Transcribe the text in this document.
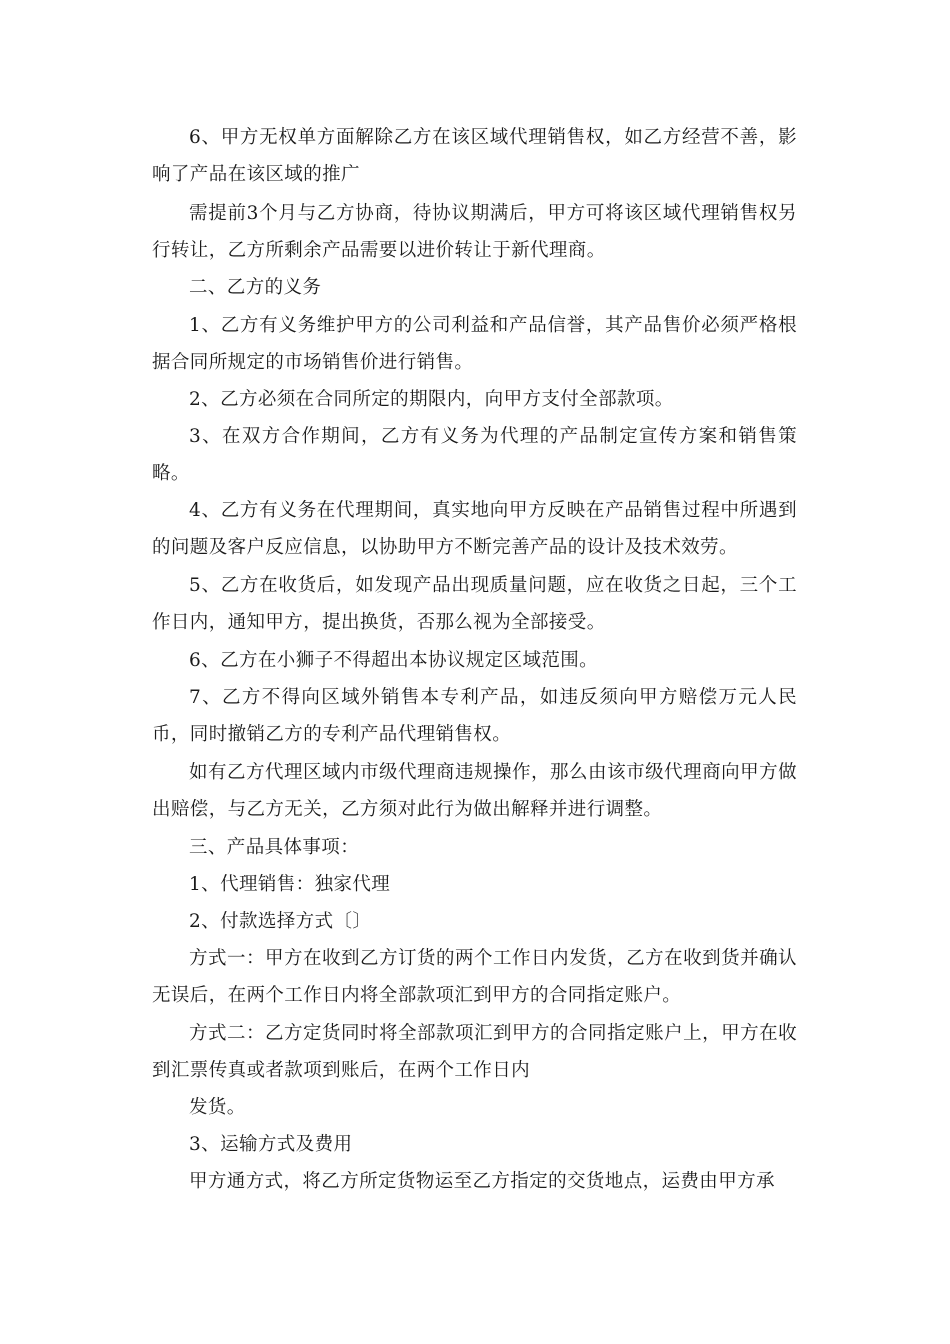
6、甲方无权单方面解除乙方在该区域代理销售权，如乙方经营不善，影响了产品在该区域的推广

需提前3个月与乙方协商，待协议期满后，甲方可将该区域代理销售权另行转让，乙方所剩余产品需要以进价转让于新代理商。

二、乙方的义务

1、乙方有义务维护甲方的公司利益和产品信誉，其产品售价必须严格根据合同所规定的市场销售价进行销售。

2、乙方必须在合同所定的期限内，向甲方支付全部款项。

3、在双方合作期间，乙方有义务为代理的产品制定宣传方案和销售策略。

4、乙方有义务在代理期间，真实地向甲方反映在产品销售过程中所遇到的问题及客户反应信息，以协助甲方不断完善产品的设计及技术效劳。

5、乙方在收货后，如发现产品出现质量问题，应在收货之日起，三个工作日内，通知甲方，提出换货，否那么视为全部接受。

6、乙方在小狮子不得超出本协议规定区域范围。

7、乙方不得向区域外销售本专利产品，如违反须向甲方赔偿万元人民币，同时撤销乙方的专利产品代理销售权。

如有乙方代理区域内市级代理商违规操作，那么由该市级代理商向甲方做出赔偿，与乙方无关，乙方须对此行为做出解释并进行调整。

三、产品具体事项：

1、代理销售：独家代理

2、付款选择方式〔〕

方式一：甲方在收到乙方订货的两个工作日内发货，乙方在收到货并确认无误后，在两个工作日内将全部款项汇到甲方的合同指定账户。

方式二：乙方定货同时将全部款项汇到甲方的合同指定账户上，甲方在收到汇票传真或者款项到账后，在两个工作日内

发货。

3、运输方式及费用

甲方通方式，将乙方所定货物运至乙方指定的交货地点，运费由甲方承
